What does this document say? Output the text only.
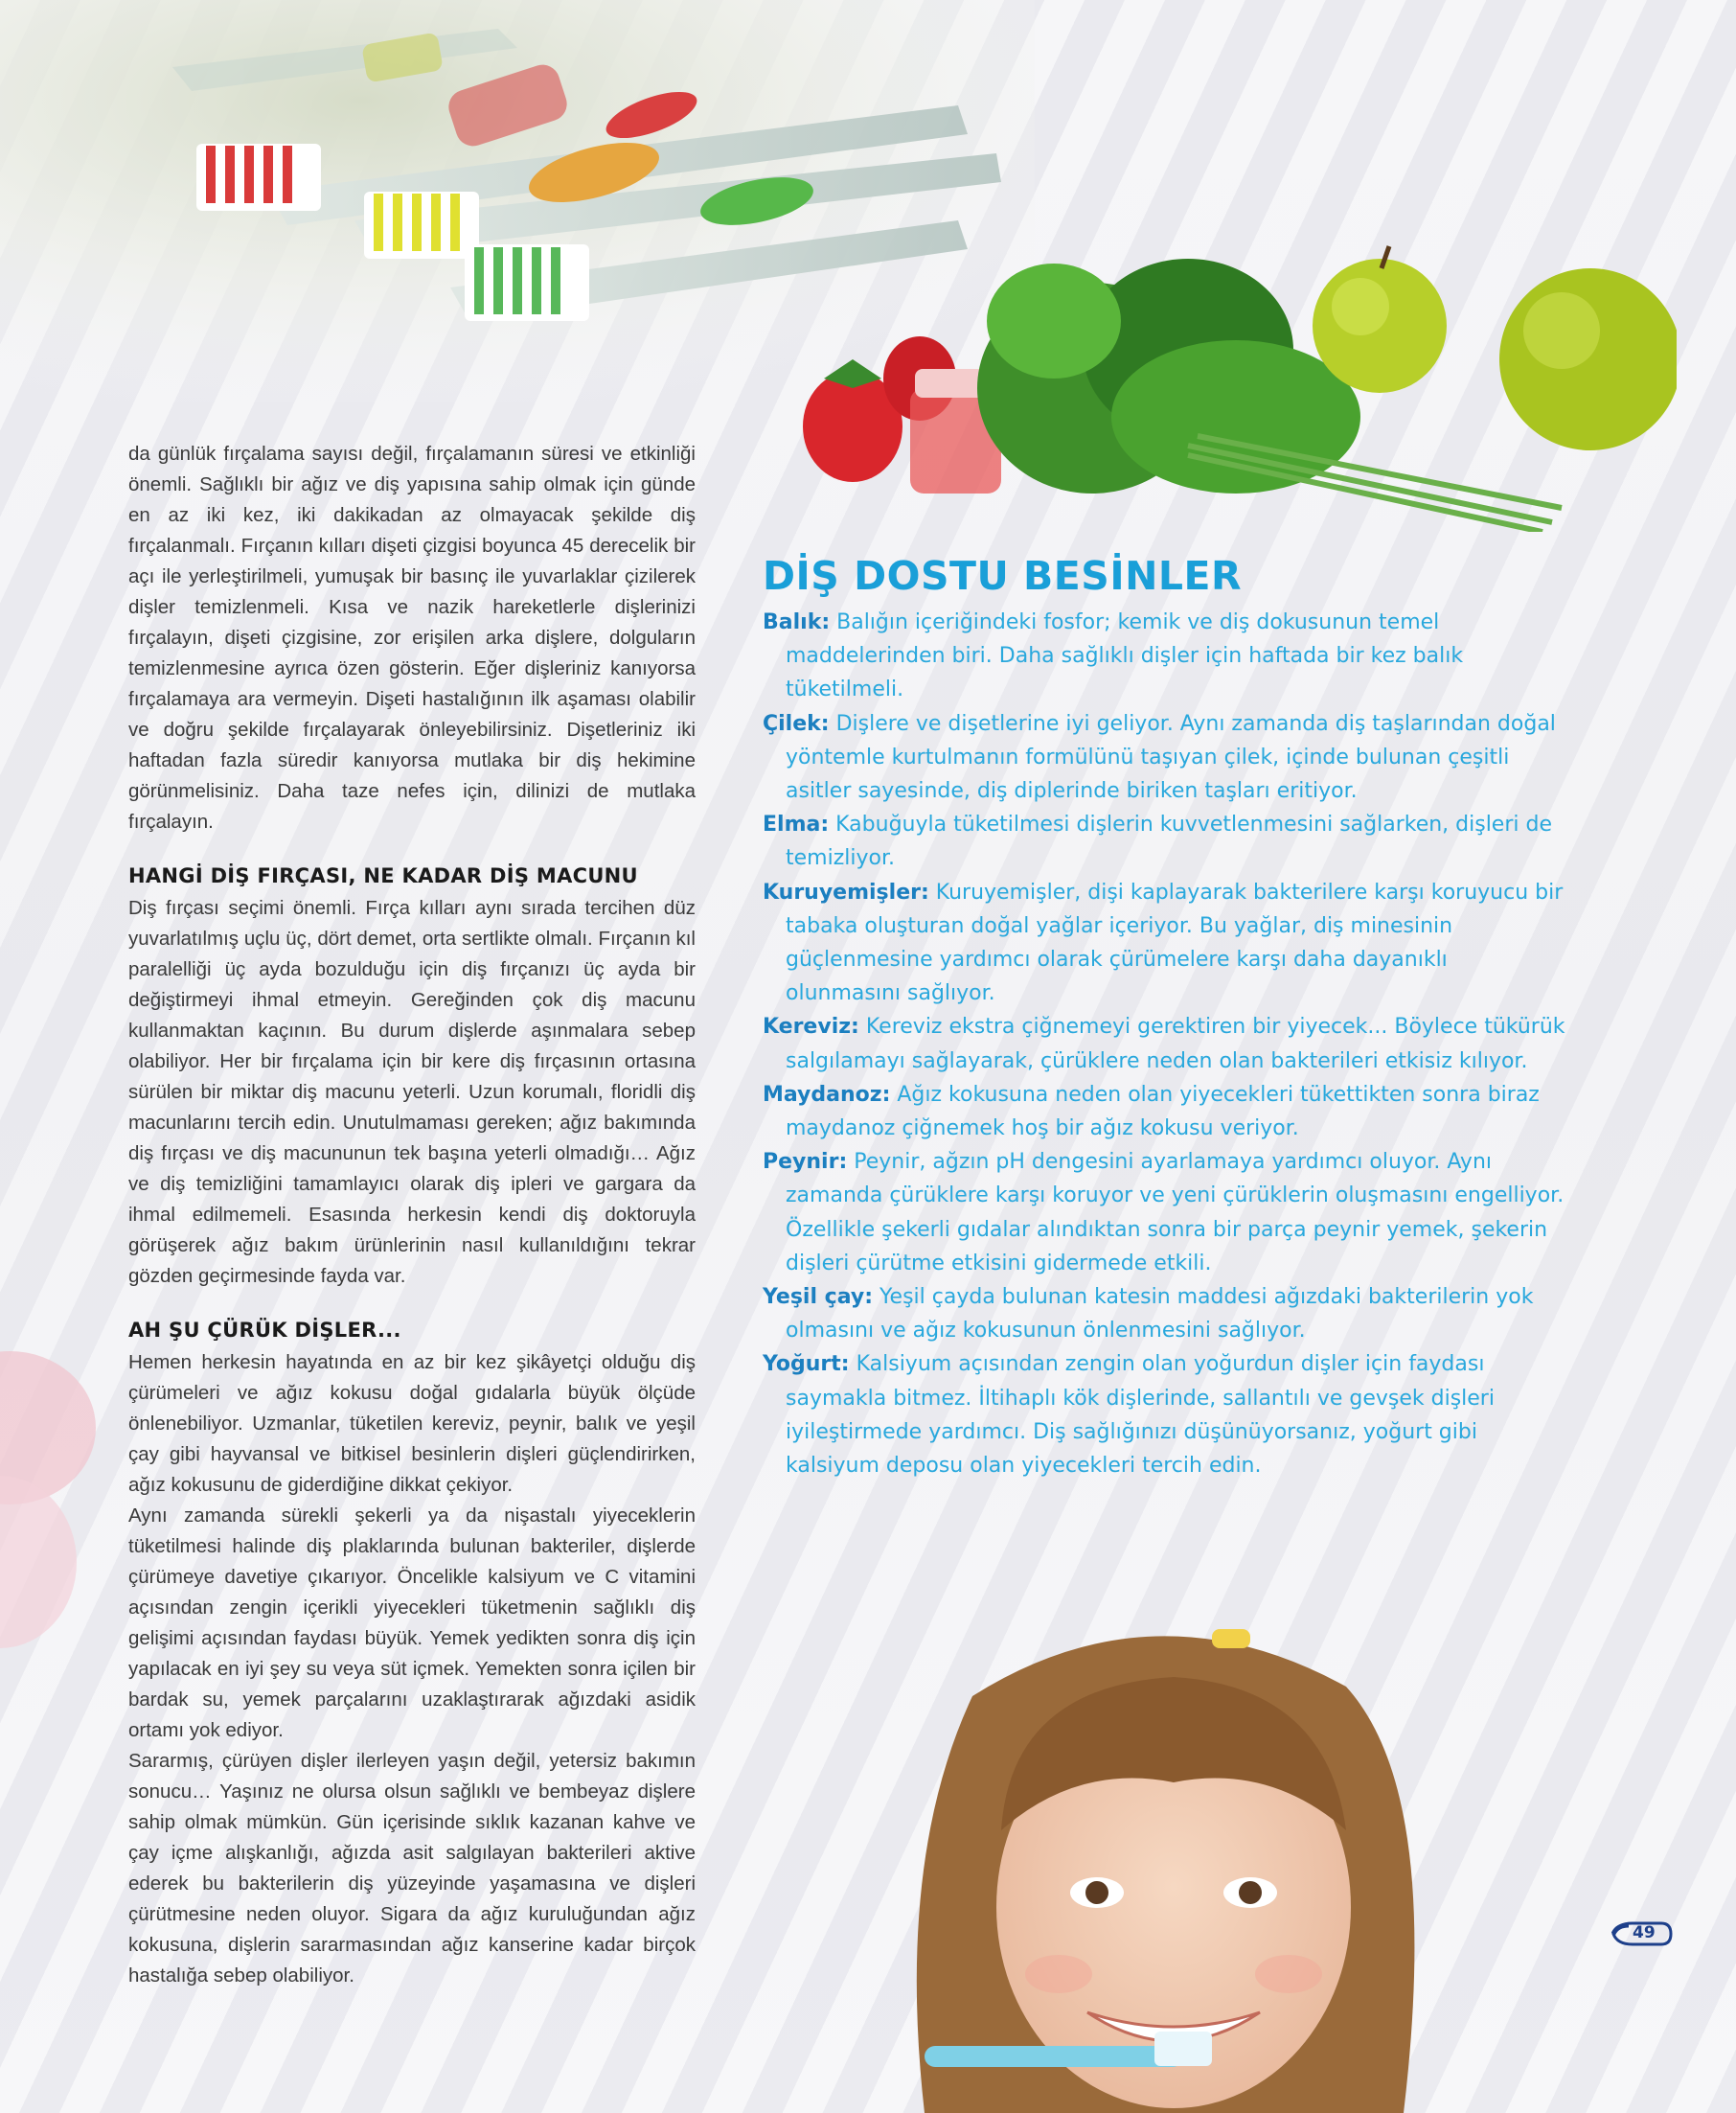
da günlük fırçalama sayısı değil, fırçalamanın süresi ve etkinliği önemli. Sağlıklı bir ağız ve diş yapısına sahip olmak için günde en az iki kez, iki dakikadan az olmayacak şekilde diş fırçalanmalı. Fırçanın kılları dişeti çizgisi boyunca 45 derecelik bir açı ile yerleştirilmeli, yumuşak bir basınç ile yuvarlaklar çizilerek dişler temizlenmeli. Kısa ve nazik hareketlerle dişlerinizi fırçalayın, dişeti çizgisine, zor erişilen arka dişlere, dolguların temizlenmesine ayrıca özen gösterin. Eğer dişleriniz kanıyorsa fırçalamaya ara vermeyin. Dişeti hastalığının ilk aşaması olabilir ve doğru şekilde fırçalayarak önleyebilirsiniz. Dişetleriniz iki haftadan fazla süredir kanıyorsa mutlaka bir diş hekimine görünmelisiniz. Daha taze nefes için, dilinizi de mutlaka fırçalayın.

HANGİ DİŞ FIRÇASI, NE KADAR DİŞ MACUNU

Diş fırçası seçimi önemli. Fırça kılları aynı sırada tercihen düz yuvarlatılmış uçlu üç, dört demet, orta sertlikte olmalı. Fırçanın kıl paralelliği üç ayda bozulduğu için diş fırçanızı üç ayda bir değiştirmeyi ihmal etmeyin. Gereğinden çok diş macunu kullanmaktan kaçının. Bu durum dişlerde aşınmalara sebep olabiliyor. Her bir fırçalama için bir kere diş fırçasının ortasına sürülen bir miktar diş macunu yeterli. Uzun korumalı, floridli diş macunlarını tercih edin. Unutulmaması gereken; ağız bakımında diş fırçası ve diş macununun tek başına yeterli olmadığı… Ağız ve diş temizliğini tamamlayıcı olarak diş ipleri ve gargara da ihmal edilmemeli. Esasında herkesin kendi diş doktoruyla görüşerek ağız bakım ürünlerinin nasıl kullanıldığını tekrar gözden geçirmesinde fayda var.

AH ŞU ÇÜRÜK DİŞLER...

Hemen herkesin hayatında en az bir kez şikâyetçi olduğu diş çürümeleri ve ağız kokusu doğal gıdalarla büyük ölçüde önlenebiliyor. Uzmanlar, tüketilen kereviz, peynir, balık ve yeşil çay gibi hayvansal ve bitkisel besinlerin dişleri güçlendirirken, ağız kokusunu de giderdiğine dikkat çekiyor.

Aynı zamanda sürekli şekerli ya da nişastalı yiyeceklerin tüketilmesi halinde diş plaklarında bulunan bakteriler, dişlerde çürümeye davetiye çıkarıyor. Öncelikle kalsiyum ve C vitamini açısından zengin içerikli yiyecekleri tüketmenin sağlıklı diş gelişimi açısından faydası büyük. Yemek yedikten sonra diş için yapılacak en iyi şey su veya süt içmek. Yemekten sonra içilen bir bardak su, yemek parçalarını uzaklaştırarak ağızdaki asidik ortamı yok ediyor.

Sararmış, çürüyen dişler ilerleyen yaşın değil, yetersiz bakımın sonucu… Yaşınız ne olursa olsun sağlıklı ve bembeyaz dişlere sahip olmak mümkün. Gün içerisinde sıklık kazanan kahve ve çay içme alışkanlığı, ağızda asit salgılayan bakterileri aktive ederek bu bakterilerin diş yüzeyinde yaşamasına ve dişleri çürütmesine neden oluyor. Sigara da ağız kuruluğundan ağız kokusuna, dişlerin sararmasından ağız kanserine kadar birçok hastalığa sebep olabiliyor.

DİŞ DOSTU BESİNLER
Balık: Balığın içeriğindeki fosfor; kemik ve diş dokusunun temel maddelerinden biri. Daha sağlıklı dişler için haftada bir kez balık tüketilmeli.
Çilek: Dişlere ve dişetlerine iyi geliyor. Aynı zamanda diş taşlarından doğal yöntemle kurtulmanın formülünü taşıyan çilek, içinde bulunan çeşitli asitler sayesinde, diş diplerinde biriken taşları eritiyor.
Elma: Kabuğuyla tüketilmesi dişlerin kuvvetlenmesini sağlarken, dişleri de temizliyor.
Kuruyemişler: Kuruyemişler, dişi kaplayarak bakterilere karşı koruyucu bir tabaka oluşturan doğal yağlar içeriyor. Bu yağlar, diş minesinin güçlenmesine yardımcı olarak çürümelere karşı daha dayanıklı olunmasını sağlıyor.
Kereviz: Kereviz ekstra çiğnemeyi gerektiren bir yiyecek... Böylece tükürük salgılamayı sağlayarak, çürüklere neden olan bakterileri etkisiz kılıyor.
Maydanoz: Ağız kokusuna neden olan yiyecekleri tükettikten sonra biraz maydanoz çiğnemek hoş bir ağız kokusu veriyor.
Peynir: Peynir, ağzın pH dengesini ayarlamaya yardımcı oluyor. Aynı zamanda çürüklere karşı koruyor ve yeni çürüklerin oluşmasını engelliyor. Özellikle şekerli gıdalar alındıktan sonra bir parça peynir yemek, şekerin dişleri çürütme etkisini gidermede etkili.
Yeşil çay: Yeşil çayda bulunan katesin maddesi ağızdaki bakterilerin yok olmasını ve ağız kokusunun önlenmesini sağlıyor.
Yoğurt: Kalsiyum açısından zengin olan yoğurdun dişler için faydası saymakla bitmez. İltihaplı kök dişlerinde, sallantılı ve gevşek dişleri iyileştirmede yardımcı. Diş sağlığınızı düşünüyorsanız, yoğurt gibi kalsiyum deposu olan yiyecekleri tercih edin.
49
